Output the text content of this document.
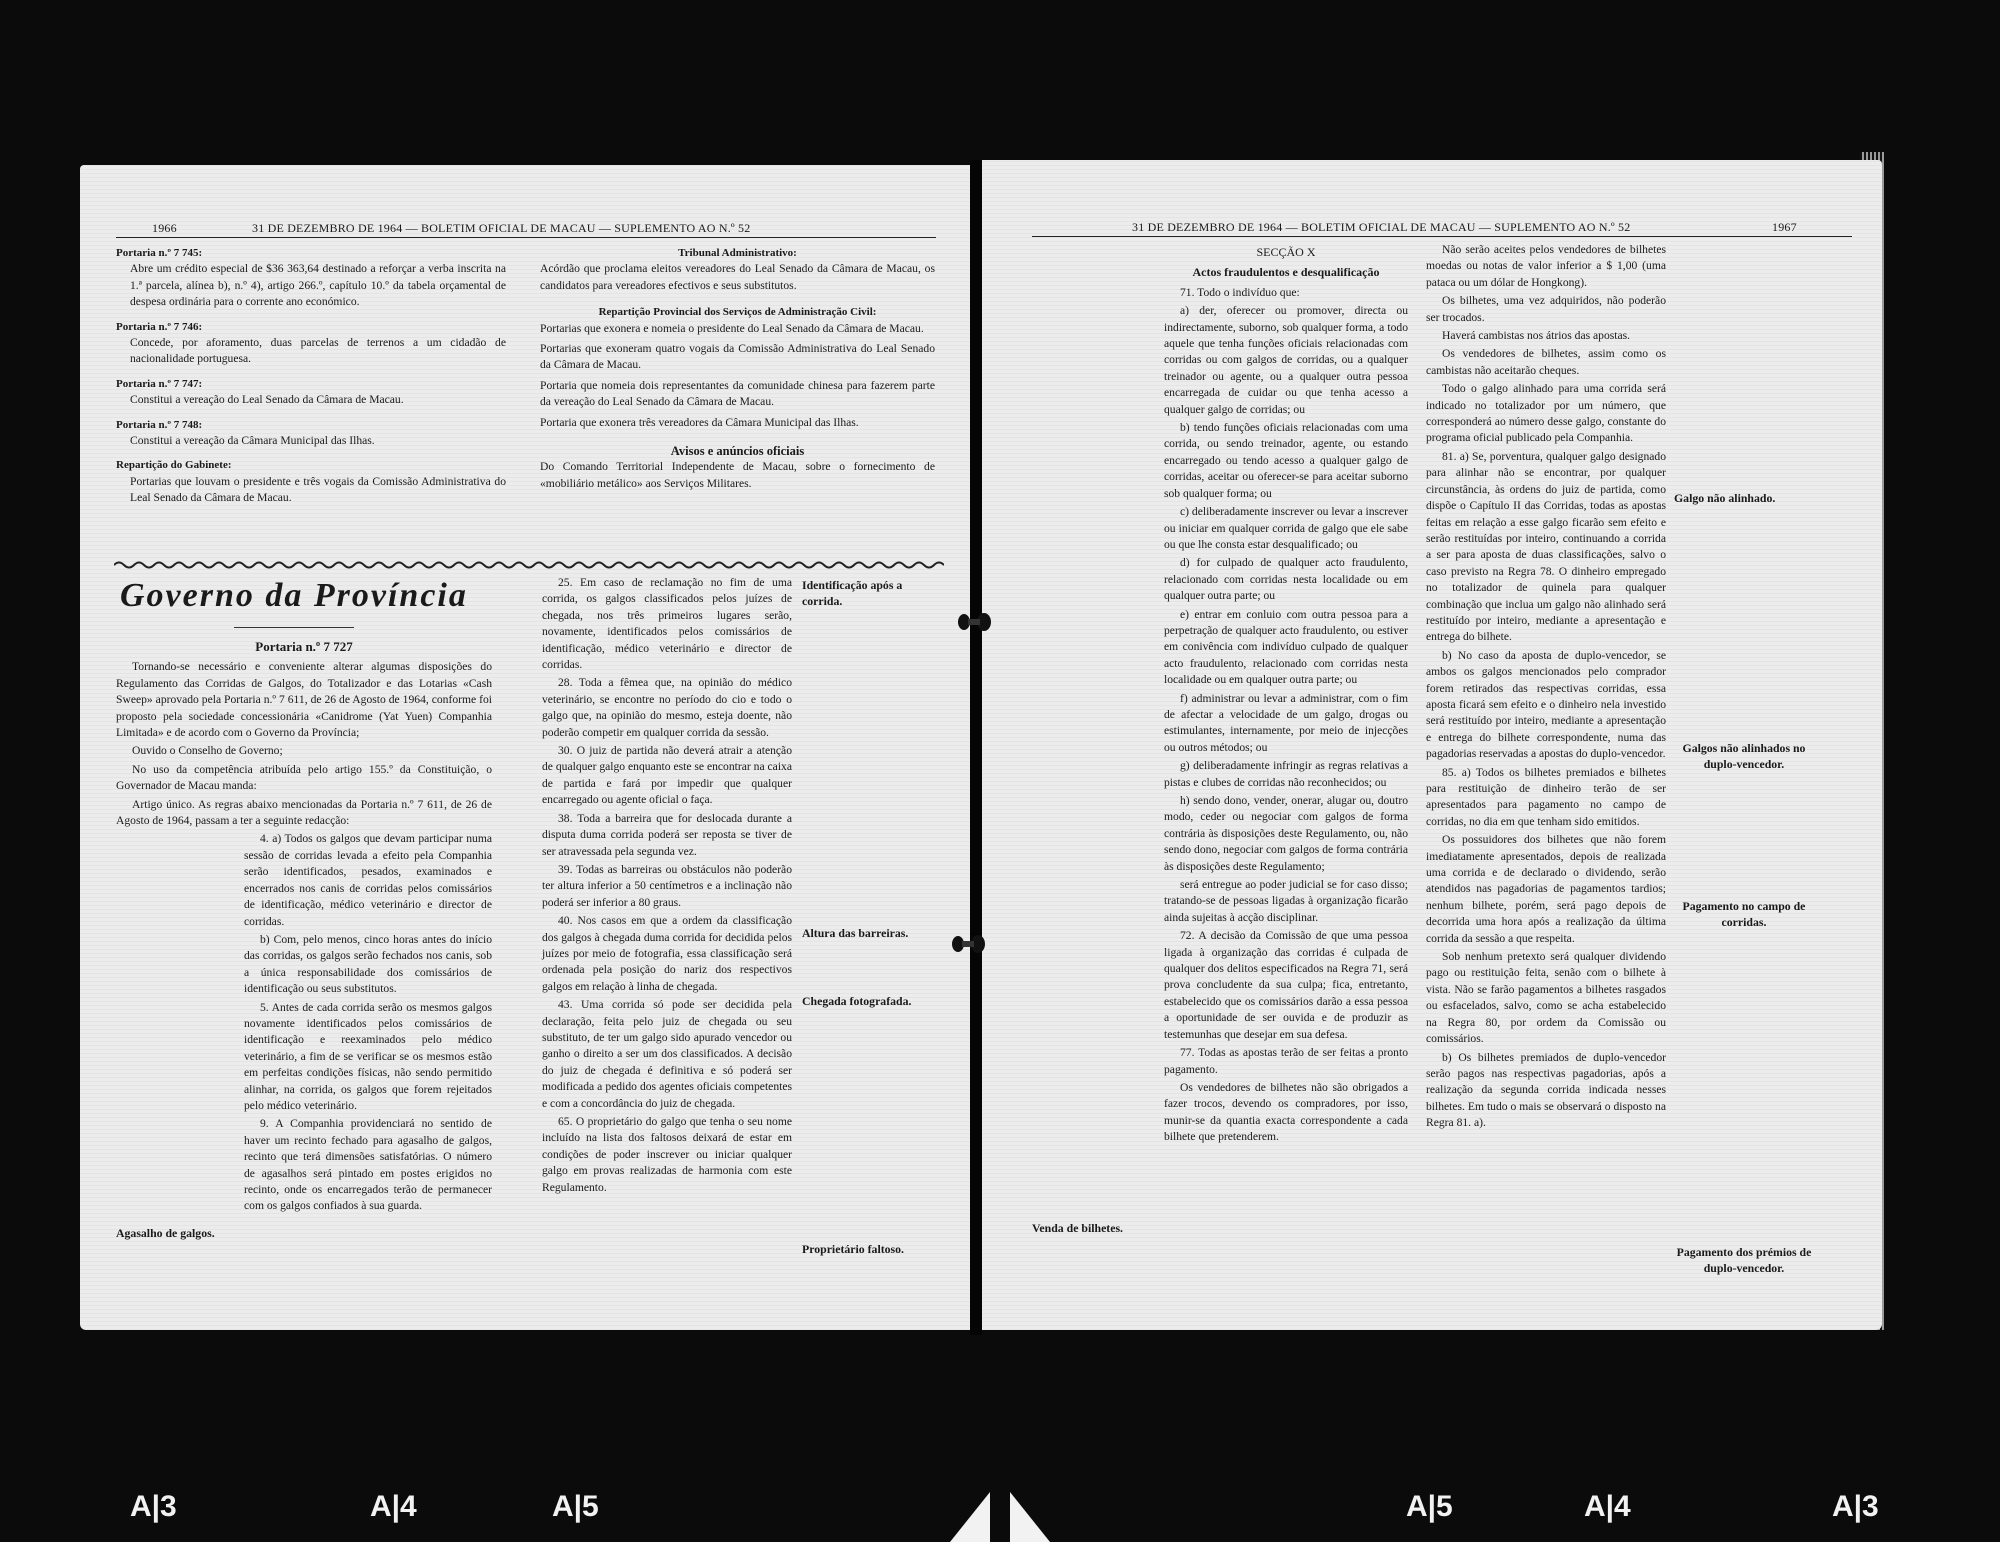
1966	31 DE DEZEMBRO DE 1964 — BOLETIM OFICIAL DE MACAU — SUPLEMENTO AO N.º 52
Portaria n.º 7 745:
Abre um crédito especial de $36 363,64 destinado a reforçar a verba inscrita na 1.ª parcela, alínea b), n.º 4), artigo 266.º, capítulo 10.º da tabela orçamental de despesa ordinária para o corrente ano económico.
Portaria n.º 7 746:
Concede, por aforamento, duas parcelas de terrenos a um cidadão de nacionalidade portuguesa.
Portaria n.º 7 747:
Constitui a vereação do Leal Senado da Câmara de Macau.
Portaria n.º 7 748:
Constitui a vereação da Câmara Municipal das Ilhas.
Repartição do Gabinete:
Portarias que louvam o presidente e três vogais da Comissão Administrativa do Leal Senado da Câmara de Macau.
Tribunal Administrativo:
Acórdão que proclama eleitos vereadores do Leal Senado da Câmara de Macau, os candidatos para vereadores efectivos e seus substitutos.
Repartição Provincial dos Serviços de Administração Civil:
Portarias que exonera e nomeia o presidente do Leal Senado da Câmara de Macau.
Portarias que exoneram quatro vogais da Comissão Administrativa do Leal Senado da Câmara de Macau.
Portaria que nomeia dois representantes da comunidade chinesa para fazerem parte da vereação do Leal Senado da Câmara de Macau.
Portaria que exonera três vereadores da Câmara Municipal das Ilhas.
Avisos e anúncios oficiais
Do Comando Territorial Independente de Macau, sobre o fornecimento de «mobiliário metálico» aos Serviços Militares.
Governo da Província
Portaria n.º 7 727

Tornando-se necessário e conveniente alterar algumas disposições do Regulamento das Corridas de Galgos, do Totalizador e das Lotarias «Cash Sweep» aprovado pela Portaria n.º 7 611, de 26 de Agosto de 1964, conforme foi proposto pela sociedade concessionária «Canidrome (Yat Yuen) Companhia Limitada» e de acordo com o Governo da Província;

Ouvido o Conselho de Governo;

No uso da competência atribuída pelo artigo 155.º da Constituição, o Governador de Macau manda:

Artigo único. As regras abaixo mencionadas da Portaria n.º 7 611, de 26 de Agosto de 1964, passam a ter a seguinte redacção:

4. a) Todos os galgos que devam participar numa sessão de corridas levada a efeito pela Companhia serão identificados, pesados, examinados e encerrados nos canis de corridas pelos comissários de identificação, médico veterinário e director de corridas.

b) Com, pelo menos, cinco horas antes do início das corridas, os galgos serão fechados nos canis, sob a única responsabilidade dos comissários de identificação ou seus substitutos.

5. Antes de cada corrida serão os mesmos galgos novamente identificados pelos comissários de identificação e reexaminados pelo médico veterinário, a fim de se verificar se os mesmos estão em perfeitas condições físicas, não sendo permitido alinhar, na corrida, os galgos que forem rejeitados pelo médico veterinário.

9. A Companhia providenciará no sentido de haver um recinto fechado para agasalho de galgos, recinto que terá dimensões satisfatórias. O número de agasalhos será pintado em postes erigidos no recinto, onde os encarregados terão de permanecer com os galgos confiados à sua guarda.

Agasalho de galgos.

25. Em caso de reclamação no fim de uma corrida, os galgos classificados pelos juízes de chegada, nos três primeiros lugares serão, novamente, identificados pelos comissários de identificação, médico veterinário e director de corridas.

28. Toda a fêmea que, na opinião do médico veterinário, se encontre no período do cio e todo o galgo que, na opinião do mesmo, esteja doente, não poderão competir em qualquer corrida da sessão.

30. O juiz de partida não deverá atrair a atenção de qualquer galgo enquanto este se encontrar na caixa de partida e fará por impedir que qualquer encarregado ou agente oficial o faça.

38. Toda a barreira que for deslocada durante a disputa duma corrida poderá ser reposta se tiver de ser atravessada pela segunda vez.

39. Todas as barreiras ou obstáculos não poderão ter altura inferior a 50 centímetros e a inclinação não poderá ser inferior a 80 graus.

40. Nos casos em que a ordem da classificação dos galgos à chegada duma corrida for decidida pelos juízes por meio de fotografia, essa classificação será ordenada pela posição do nariz dos respectivos galgos em relação à linha de chegada.

43. Uma corrida só pode ser decidida pela declaração, feita pelo juiz de chegada ou seu substituto, de ter um galgo sido apurado vencedor ou ganho o direito a ser um dos classificados. A decisão do juiz de chegada é definitiva e só poderá ser modificada a pedido dos agentes oficiais competentes e com a concordância do juiz de chegada.

65. O proprietário do galgo que tenha o seu nome incluído na lista dos faltosos deixará de estar em condições de poder inscrever ou iniciar qualquer galgo em provas realizadas de harmonia com este Regulamento.

Identificação após a corrida.
Altura das barreiras.
Chegada fotografada.
Proprietário faltoso.
31 DE DEZEMBRO DE 1964 — BOLETIM OFICIAL DE MACAU — SUPLEMENTO AO N.º 52	1967
SECÇÃO X
Actos fraudulentos e desqualificação

71. Todo o indivíduo que:

a) der, oferecer ou promover, directa ou indirectamente, suborno, sob qualquer forma, a todo aquele que tenha funções oficiais relacionadas com corridas ou com galgos de corridas, ou a qualquer treinador ou agente, ou a qualquer outra pessoa encarregada de cuidar ou que tenha acesso a qualquer galgo de corridas; ou

b) tendo funções oficiais relacionadas com uma corrida, ou sendo treinador, agente, ou estando encarregado ou tendo acesso a qualquer galgo de corridas, aceitar ou oferecer-se para aceitar suborno sob qualquer forma; ou

c) deliberadamente inscrever ou levar a inscrever ou iniciar em qualquer corrida de galgo que ele sabe ou que lhe consta estar desqualificado; ou

d) for culpado de qualquer acto fraudulento, relacionado com corridas nesta localidade ou em qualquer outra parte; ou

e) entrar em conluio com outra pessoa para a perpetração de qualquer acto fraudulento, ou estiver em conivência com indivíduo culpado de qualquer acto fraudulento, relacionado com corridas nesta localidade ou em qualquer outra parte; ou

f) administrar ou levar a administrar, com o fim de afectar a velocidade de um galgo, drogas ou estimulantes, internamente, por meio de injecções ou outros métodos; ou

g) deliberadamente infringir as regras relativas a pistas e clubes de corridas não reconhecidos; ou

h) sendo dono, vender, onerar, alugar ou, doutro modo, ceder ou negociar com galgos de forma contrária às disposições deste Regulamento, ou, não sendo dono, negociar com galgos de forma contrária às disposições deste Regulamento;

será entregue ao poder judicial se for caso disso; tratando-se de pessoas ligadas à organização ficarão ainda sujeitas à acção disciplinar.

72. A decisão da Comissão de que uma pessoa ligada à organização das corridas é culpada de qualquer dos delitos especificados na Regra 71, será prova concludente da sua culpa; fica, entretanto, estabelecido que os comissários darão a essa pessoa a oportunidade de ser ouvida e de produzir as testemunhas que desejar em sua defesa.

77. Todas as apostas terão de ser feitas a pronto pagamento.

Os vendedores de bilhetes não são obrigados a fazer trocos, devendo os compradores, por isso, munir-se da quantia exacta correspondente a cada bilhete que pretenderem.

Venda de bilhetes.

Não serão aceites pelos vendedores de bilhetes moedas ou notas de valor inferior a $ 1,00 (uma pataca ou um dólar de Hongkong).

Os bilhetes, uma vez adquiridos, não poderão ser trocados.

Haverá cambistas nos átrios das apostas.

Os vendedores de bilhetes, assim como os cambistas não aceitarão cheques.

Todo o galgo alinhado para uma corrida será indicado no totalizador por um número, que corresponderá ao número desse galgo, constante do programa oficial publicado pela Companhia.

81. a) Se, porventura, qualquer galgo designado para alinhar não se encontrar, por qualquer circunstância, às ordens do juiz de partida, como dispõe o Capítulo II das Corridas, todas as apostas feitas em relação a esse galgo ficarão sem efeito e serão restituídas por inteiro, continuando a corrida a ser para aposta de duas classificações, salvo o caso previsto na Regra 78. O dinheiro empregado no totalizador de quinela para qualquer combinação que inclua um galgo não alinhado será restituído por inteiro, mediante a apresentação e entrega do bilhete.

b) No caso da aposta de duplo-vencedor, se ambos os galgos mencionados pelo comprador forem retirados das respectivas corridas, essa aposta ficará sem efeito e o dinheiro nela investido será restituído por inteiro, mediante a apresentação e entrega do bilhete correspondente, numa das pagadorias reservadas a apostas do duplo-vencedor.

85. a) Todos os bilhetes premiados e bilhetes para restituição de dinheiro terão de ser apresentados para pagamento no campo de corridas, no dia em que tenham sido emitidos.

Os possuidores dos bilhetes que não forem imediatamente apresentados, depois de realizada uma corrida e de declarado o dividendo, serão atendidos nas pagadorias de pagamentos tardios; nenhum bilhete, porém, será pago depois de decorrida uma hora após a realização da última corrida da sessão a que respeita.

Sob nenhum pretexto será qualquer dividendo pago ou restituição feita, senão com o bilhete à vista. Não se farão pagamentos a bilhetes rasgados ou esfacelados, salvo, como se acha estabelecido na Regra 80, por ordem da Comissão ou comissários.

b) Os bilhetes premiados de duplo-vencedor serão pagos nas respectivas pagadorias, após a realização da segunda corrida indicada nesses bilhetes. Em tudo o mais se observará o disposto na Regra 81. a).

Galgo não alinhado.
Galgos não alinhados no duplo-vencedor.
Pagamento no campo de corridas.
Pagamento dos prémios de duplo-vencedor.
A|3	A|4	A|5	A|5	A|4	A|3
